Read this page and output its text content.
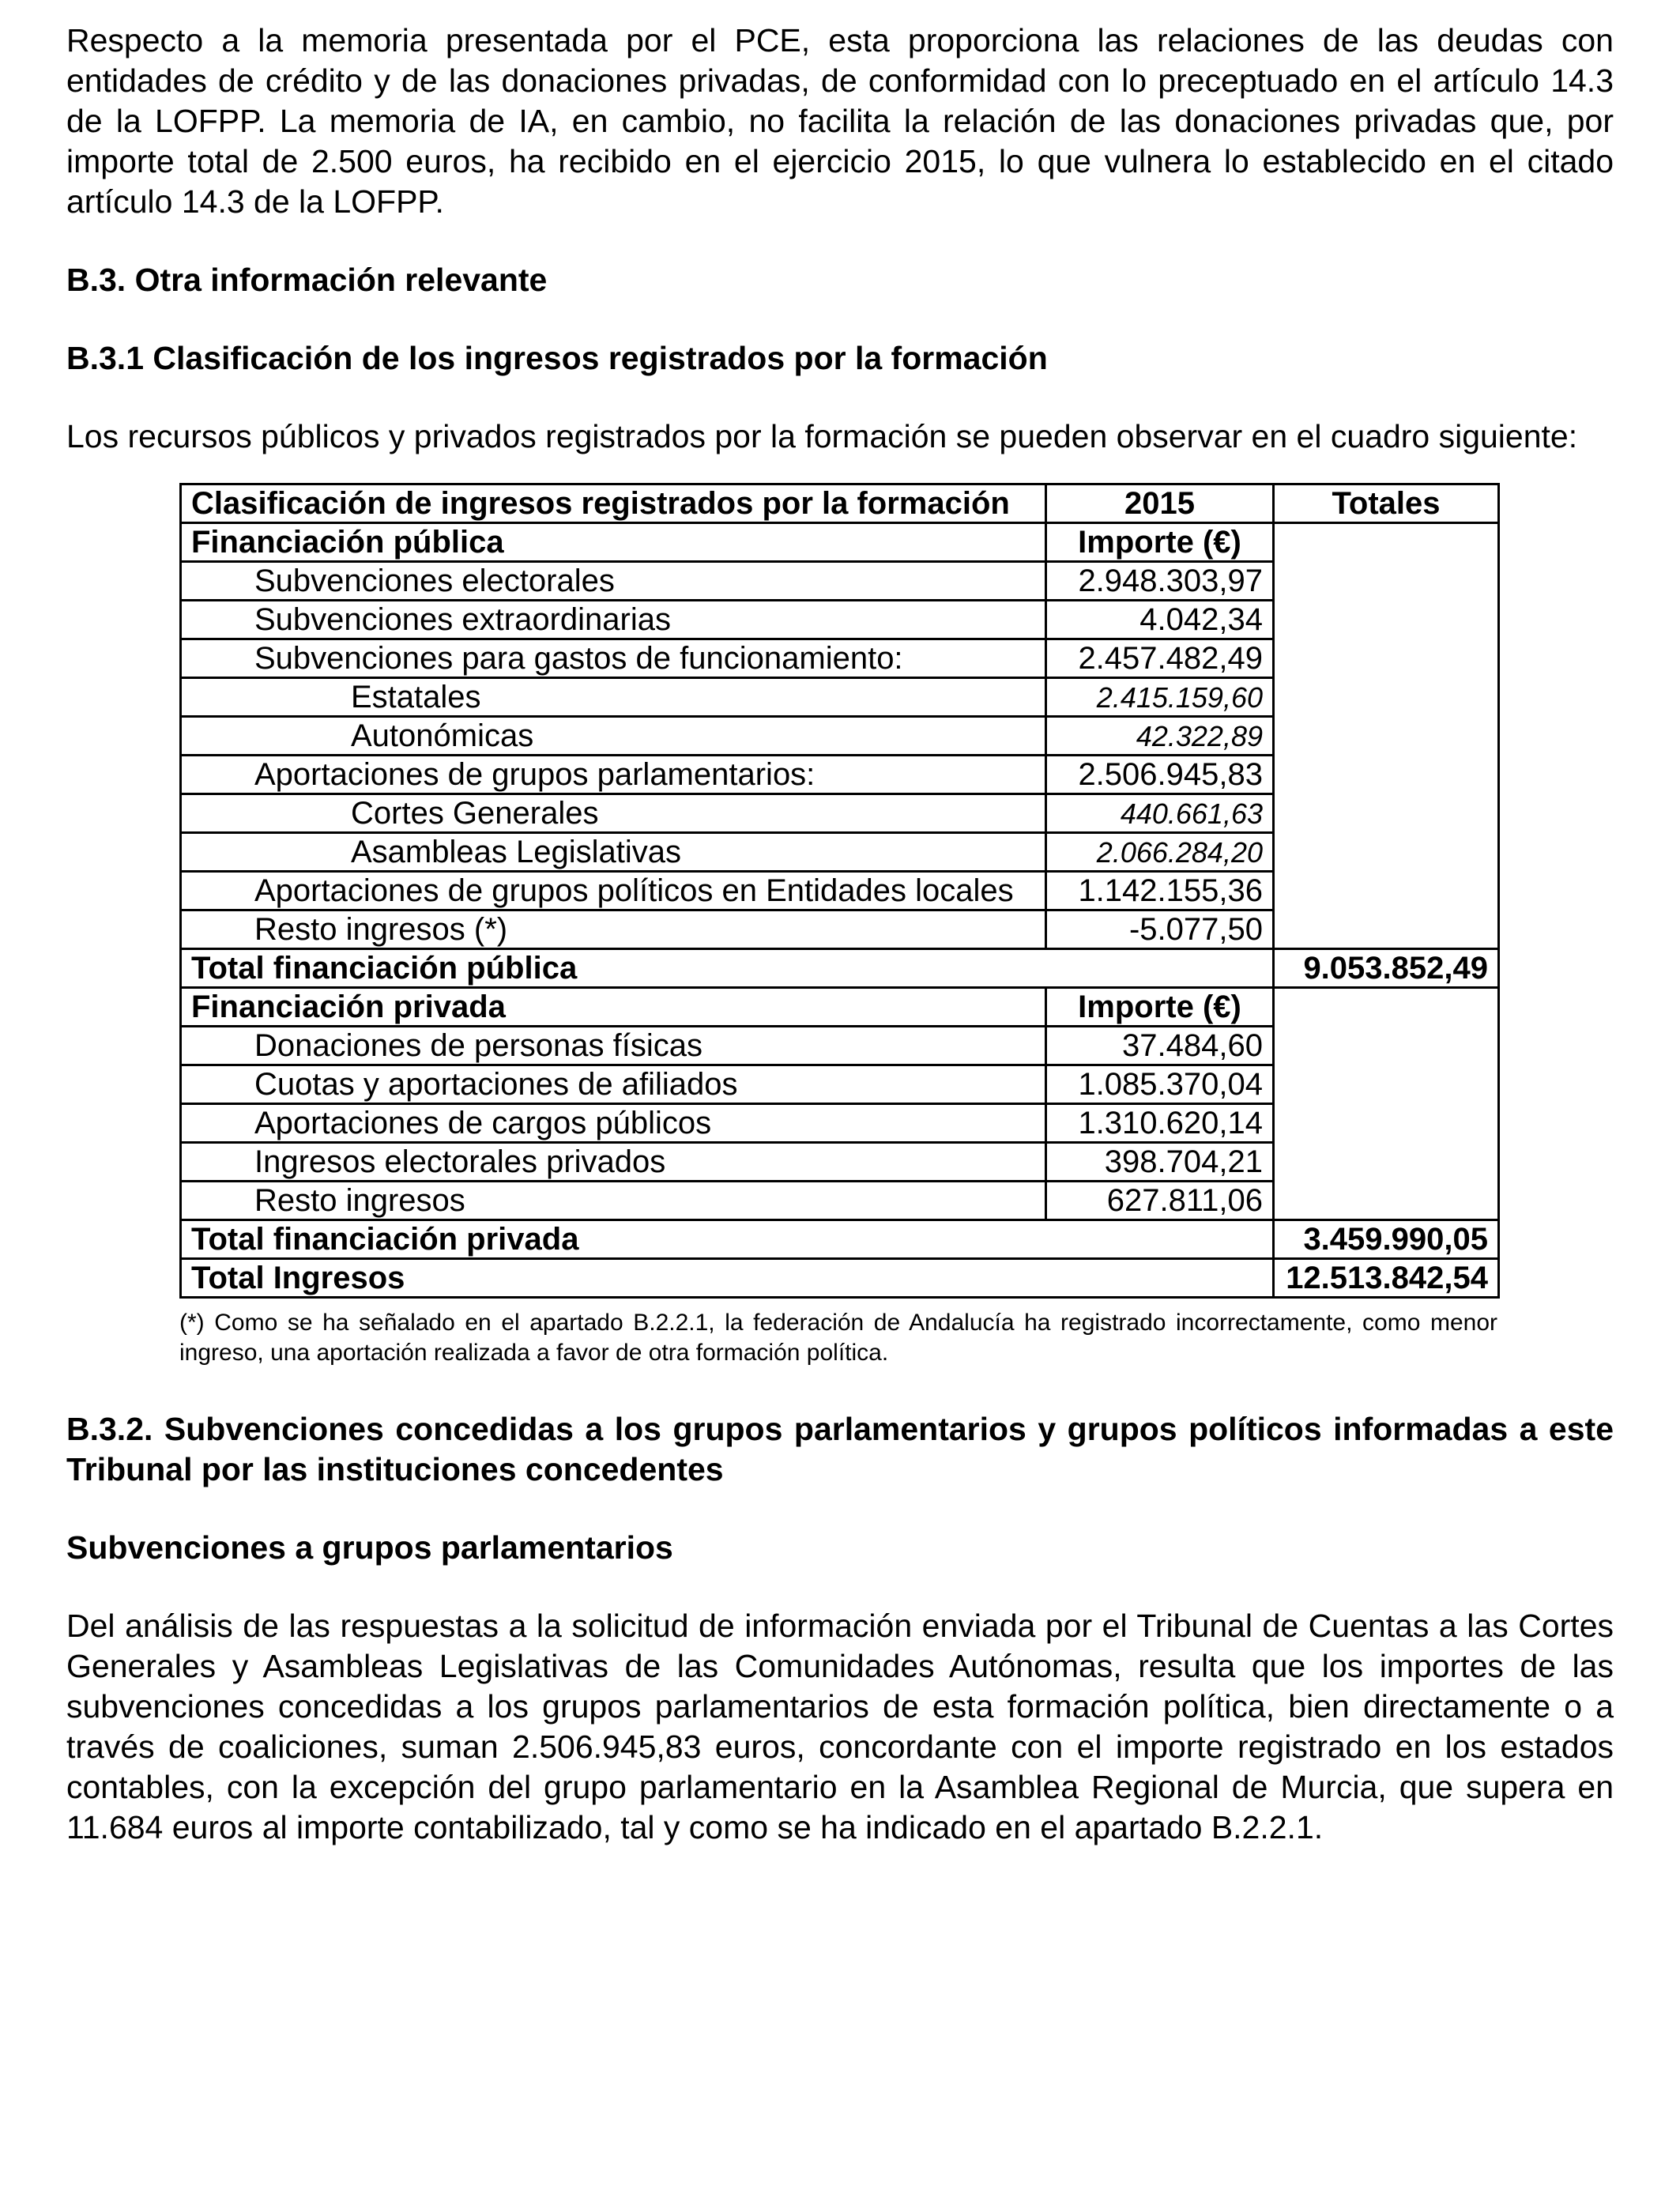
Respecto a la memoria presentada por el PCE, esta proporciona las relaciones de las deudas con entidades de crédito y de las donaciones privadas, de conformidad con lo preceptuado en el artículo 14.3 de la LOFPP. La memoria de IA, en cambio, no facilita la relación de las donaciones privadas que, por importe total de 2.500 euros, ha recibido en el ejercicio 2015, lo que vulnera lo establecido en el citado artículo 14.3 de la LOFPP.

B.3. Otra información relevante
B.3.1 Clasificación de los ingresos registrados por la formación

Los recursos públicos y privados registrados por la formación se pueden observar en el cuadro siguiente:

Clasificación de ingresos registrados por la formación	2015	Totales
Financiación pública	Importe (€)	
Subvenciones electorales	2.948.303,97	
Subvenciones extraordinarias	4.042,34	
Subvenciones para gastos de funcionamiento:	2.457.482,49	
Estatales	2.415.159,60	
Autonómicas	42.322,89	
Aportaciones de grupos parlamentarios:	2.506.945,83	
Cortes Generales	440.661,63	
Asambleas Legislativas	2.066.284,20	
Aportaciones de grupos políticos en Entidades locales	1.142.155,36	
Resto ingresos (*)	-5.077,50	
Total financiación pública		9.053.852,49
Financiación privada	Importe (€)	
Donaciones de personas físicas	37.484,60	
Cuotas y aportaciones de afiliados	1.085.370,04	
Aportaciones de cargos públicos	1.310.620,14	
Ingresos electorales privados	398.704,21	
Resto ingresos	627.811,06	
Total financiación privada		3.459.990,05
Total Ingresos		12.513.842,54

(*) Como se ha señalado en el apartado B.2.2.1, la federación de Andalucía ha registrado incorrectamente, como menor ingreso, una aportación realizada a favor de otra formación política.

B.3.2. Subvenciones concedidas a los grupos parlamentarios y grupos políticos informadas a este Tribunal por las instituciones concedentes
Subvenciones a grupos parlamentarios

Del análisis de las respuestas a la solicitud de información enviada por el Tribunal de Cuentas a las Cortes Generales y Asambleas Legislativas de las Comunidades Autónomas, resulta que los importes de las subvenciones concedidas a los grupos parlamentarios de esta formación política, bien directamente o a través de coaliciones, suman 2.506.945,83 euros, concordante con el importe registrado en los estados contables, con la excepción del grupo parlamentario en la Asamblea Regional de Murcia, que supera en 11.684 euros al importe contabilizado, tal y como se ha indicado en el apartado B.2.2.1.
